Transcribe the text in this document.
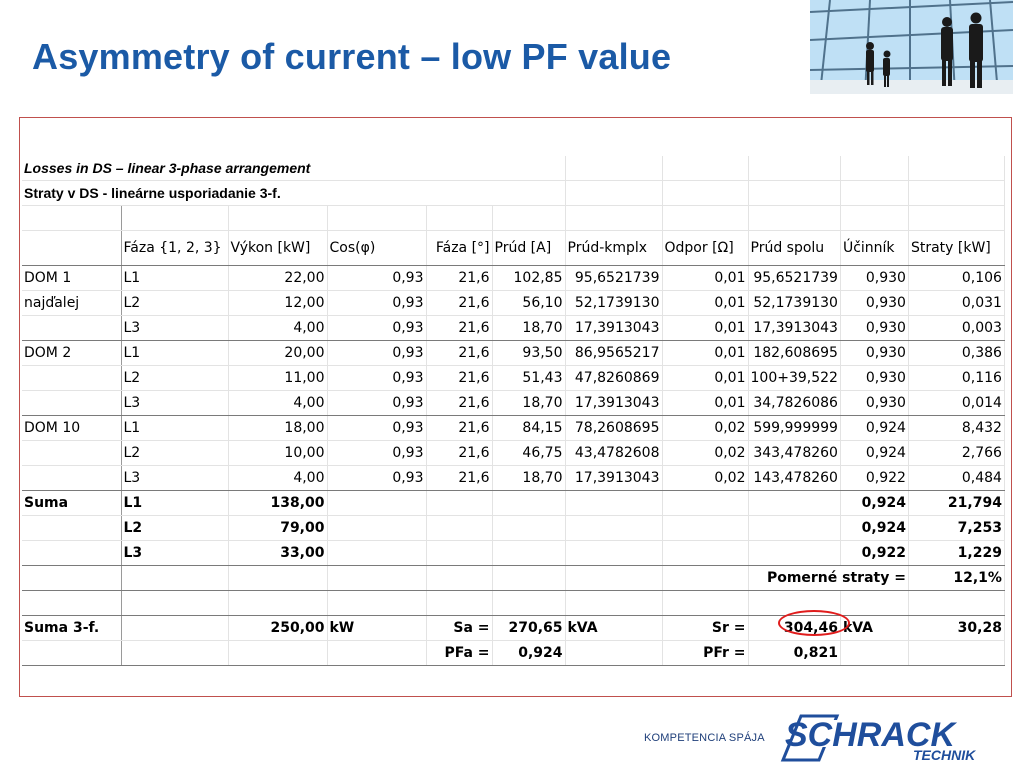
Asymmetry of current – low PF value
Losses in DS – linear 3-phase arrangement										
Straty v DS - lineárne usporiadanie 3-f.										

	Fáza {1, 2, 3}	Výkon [kW]	Cos(φ)	Fáza [°]	Prúd [A]	Prúd-kmplx	Odpor [Ω]	Prúd spolu	Účinník	Straty [kW]
DOM 1	L1	22,00	0,93	21,6	102,85	95,6521739	0,01	95,6521739	0,930	0,106
najďalej	L2	12,00	0,93	21,6	56,10	52,1739130	0,01	52,1739130	0,930	0,031
	L3	4,00	0,93	21,6	18,70	17,3913043	0,01	17,3913043	0,930	0,003
DOM 2	L1	20,00	0,93	21,6	93,50	86,9565217	0,01	182,608695	0,930	0,386
	L2	11,00	0,93	21,6	51,43	47,8260869	0,01	100+39,522	0,930	0,116
	L3	4,00	0,93	21,6	18,70	17,3913043	0,01	34,7826086	0,930	0,014
DOM 10	L1	18,00	0,93	21,6	84,15	78,2608695	0,02	599,999999	0,924	8,432
	L2	10,00	0,93	21,6	46,75	43,4782608	0,02	343,478260	0,924	2,766
	L3	4,00	0,93	21,6	18,70	17,3913043	0,02	143,478260	0,922	0,484
Suma	L1	138,00							0,924	21,794
	L2	79,00							0,924	7,253
	L3	33,00							0,922	1,229
								Pomerné straty =		12,1%

Suma 3-f.		250,00	kW	Sa =	270,65	kVA	Sr =	304,46	kVA	30,28
				PFa =	0,924		PFr =	0,821		
KOMPETENCIA SPÁJA SCHRACK
TECHNIK
